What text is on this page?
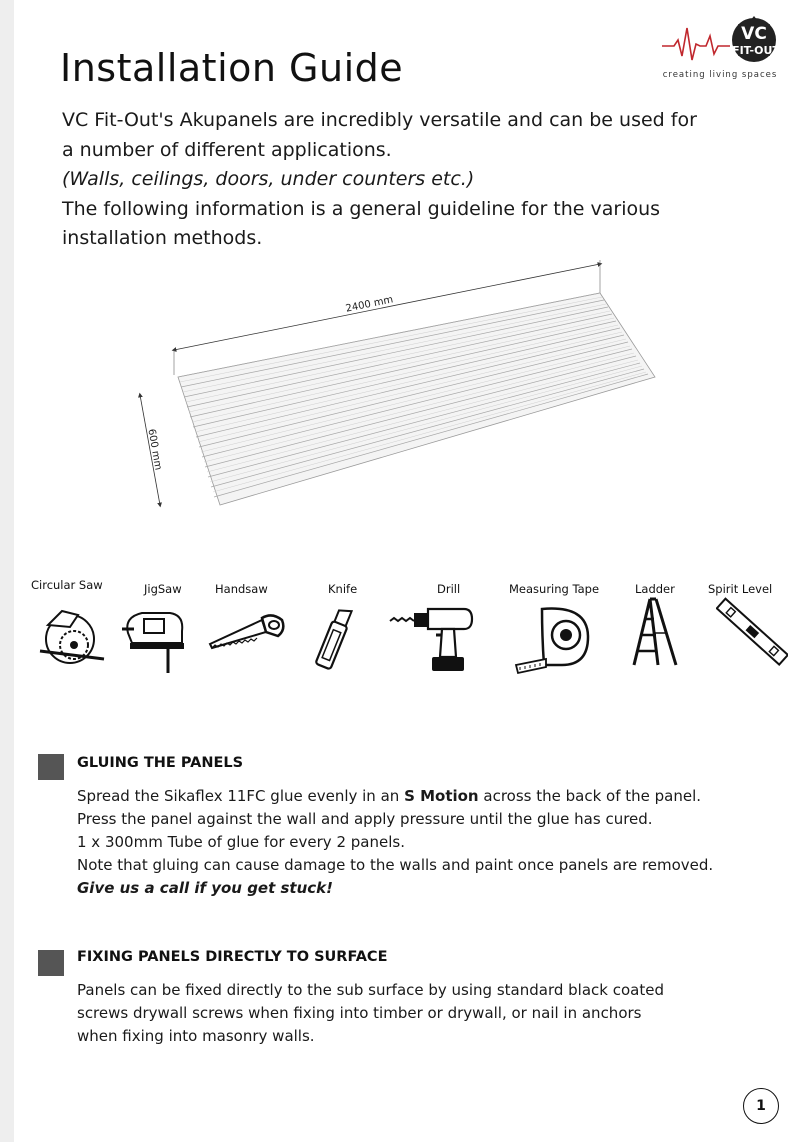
Installation Guide
VC
FIT-OUT
creating living spaces

VC Fit-Out's Akupanels are incredibly versatile and can be used for a number of different applications.

(Walls, ceilings, doors, under counters etc.)

The following information is a general guideline for the various installation methods.

2400 mm
600 mm
Circular Saw	JigSaw	Handsaw	Knife	Drill	Measuring Tape	Ladder	Spirit Level
GLUING THE PANELS

Spread the Sikaflex 11FC glue evenly in an S Motion across the back of the panel.

Press the panel against the wall and apply pressure until the glue has cured.

1 x 300mm Tube of glue for every 2 panels.

Note that gluing can cause damage to the walls and paint once panels are removed.

Give us a call if you get stuck!

FIXING PANELS DIRECTLY TO SURFACE

Panels can be fixed directly to the sub surface by using standard black coated screws drywall screws when fixing into timber or drywall, or nail in anchors when fixing into masonry walls.

1
